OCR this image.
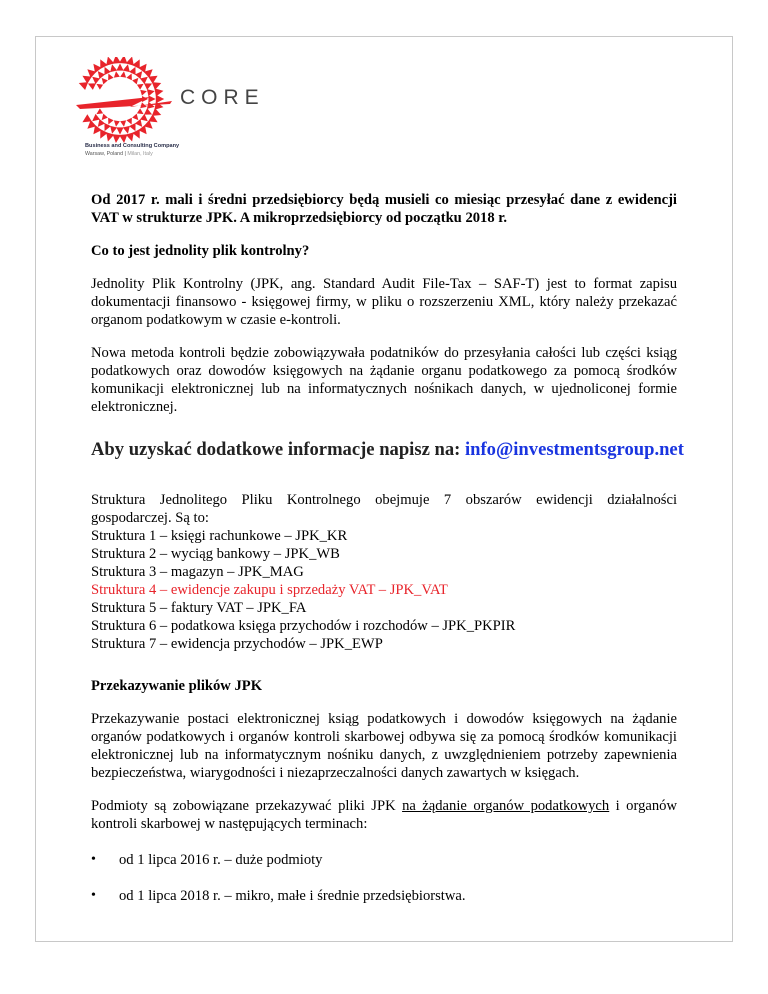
CORE
Business and Consulting Company
Warsaw, Poland | Milan, Italy

Od 2017 r. mali i średni przedsiębiorcy będą musieli co miesiąc przesyłać dane z ewidencji VAT w strukturze JPK. A mikroprzedsiębiorcy od początku 2018 r.

Co to jest jednolity plik kontrolny?

Jednolity Plik Kontrolny (JPK, ang. Standard Audit File-Tax – SAF-T) jest to format zapisu dokumentacji finansowo - księgowej firmy, w pliku o rozszerzeniu XML, który należy przekazać organom podatkowym w czasie e-kontroli.

Nowa metoda kontroli będzie zobowiązywała podatników do przesyłania całości lub części ksiąg podatkowych oraz dowodów księgowych na żądanie organu podatkowego za pomocą środków komunikacji elektronicznej lub na informatycznych nośnikach danych, w ujednoliconej formie elektronicznej.

Aby uzyskać dodatkowe informacje napisz na: info@investmentsgroup.net

Struktura Jednolitego Pliku Kontrolnego obejmuje 7 obszarów ewidencji działalności
gospodarczej. Są to:
Struktura 1 – księgi rachunkowe – JPK_KR
Struktura 2 – wyciąg bankowy – JPK_WB
Struktura 3 – magazyn – JPK_MAG
Struktura 4 – ewidencje zakupu i sprzedaży VAT – JPK_VAT
Struktura 5 – faktury VAT – JPK_FA
Struktura 6 – podatkowa księga przychodów i rozchodów – JPK_PKPIR
Struktura 7 – ewidencja przychodów – JPK_EWP

Przekazywanie plików JPK

Przekazywanie postaci elektronicznej ksiąg podatkowych i dowodów księgowych na żądanie organów podatkowych i organów kontroli skarbowej odbywa się za pomocą środków komunikacji elektronicznej lub na informatycznym nośniku danych, z uwzględnieniem potrzeby zapewnienia bezpieczeństwa, wiarygodności i niezaprzeczalności danych zawartych w księgach.

Podmioty są zobowiązane przekazywać pliki JPK na żądanie organów podatkowych i organów kontroli skarbowej w następujących terminach:

• od 1 lipca 2016 r. – duże podmioty
• od 1 lipca 2018 r. – mikro, małe i średnie przedsiębiorstwa.
